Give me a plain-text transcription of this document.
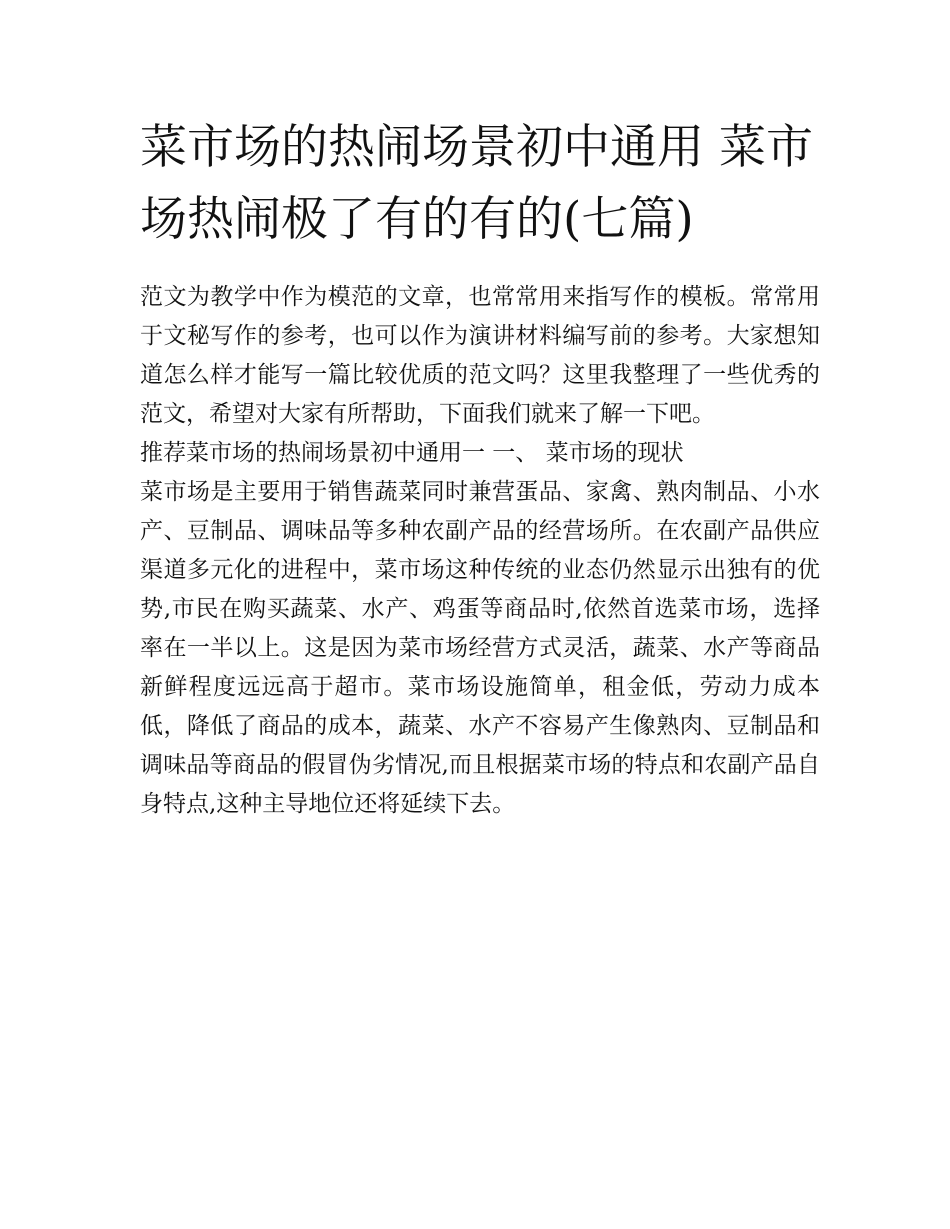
菜市场的热闹场景初中通用 菜市场热闹极了有的有的(七篇)

范文为教学中作为模范的文章，也常常用来指写作的模板。常常用于文秘写作的参考，也可以作为演讲材料编写前的参考。大家想知道怎么样才能写一篇比较优质的范文吗？这里我整理了一些优秀的范文，希望对大家有所帮助，下面我们就来了解一下吧。

推荐菜市场的热闹场景初中通用一 一、 菜市场的现状

菜市场是主要用于销售蔬菜同时兼营蛋品、家禽、熟肉制品、小水产、豆制品、调味品等多种农副产品的经营场所。在农副产品供应渠道多元化的进程中，菜市场这种传统的业态仍然显示出独有的优势,市民在购买蔬菜、水产、鸡蛋等商品时,依然首选菜市场，选择率在一半以上。这是因为菜市场经营方式灵活，蔬菜、水产等商品新鲜程度远远高于超市。菜市场设施简单，租金低，劳动力成本低，降低了商品的成本，蔬菜、水产不容易产生像熟肉、豆制品和调味品等商品的假冒伪劣情况,而且根据菜市场的特点和农副产品自身特点,这种主导地位还将延续下去。
